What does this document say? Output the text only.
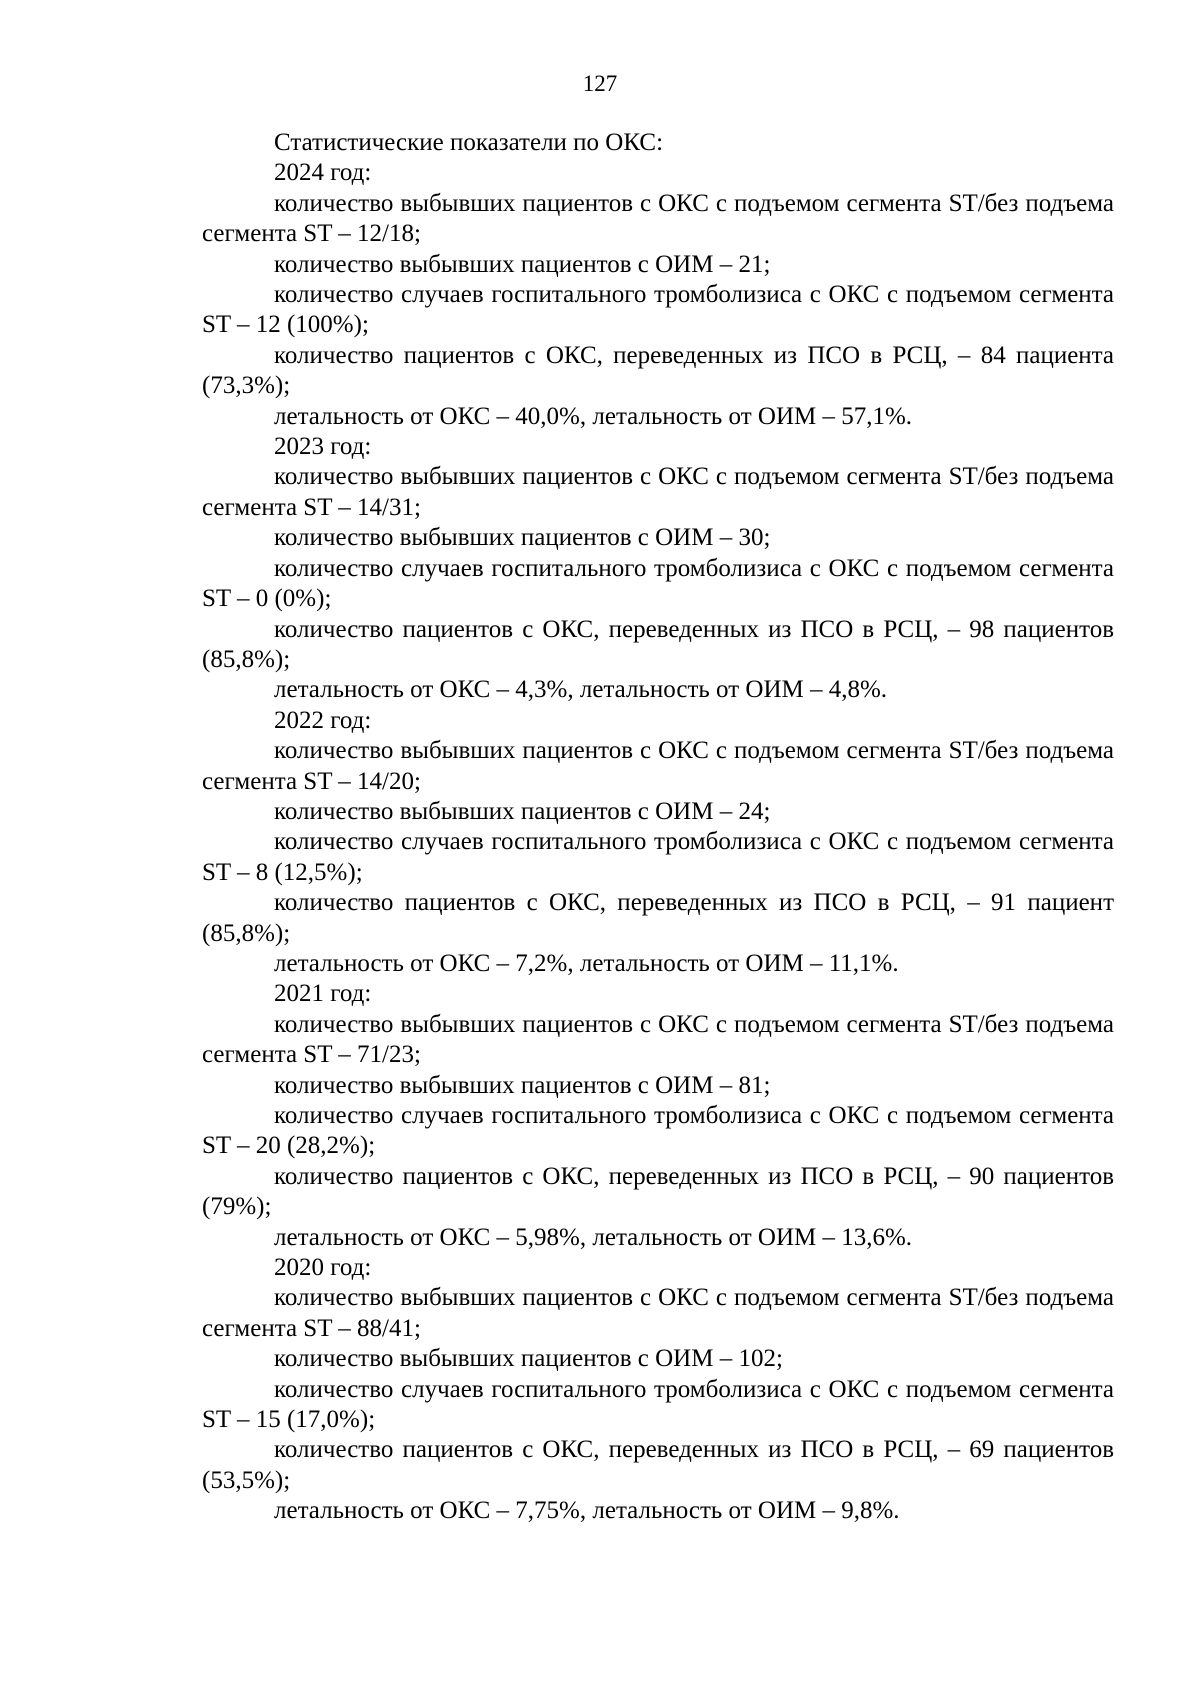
127

Статистические показатели по ОКС:

2024 год:

количество выбывших пациентов с ОКС с подъемом сегмента ST/без подъема сегмента ST – 12/18;

количество выбывших пациентов с ОИМ – 21;

количество случаев госпитального тромболизиса с ОКС с подъемом сегмента ST – 12 (100%);

количество пациентов с ОКС, переведенных из ПСО в РСЦ, – 84 пациента (73,3%);

летальность от ОКС – 40,0%, летальность от ОИМ – 57,1%.

2023 год:

количество выбывших пациентов с ОКС с подъемом сегмента ST/без подъема сегмента ST – 14/31;

количество выбывших пациентов с ОИМ – 30;

количество случаев госпитального тромболизиса с ОКС с подъемом сегмента ST – 0 (0%);

количество пациентов с ОКС, переведенных из ПСО в РСЦ, – 98 пациентов (85,8%);

летальность от ОКС – 4,3%, летальность от ОИМ – 4,8%.

2022 год:

количество выбывших пациентов с ОКС с подъемом сегмента ST/без подъема сегмента ST – 14/20;

количество выбывших пациентов с ОИМ – 24;

количество случаев госпитального тромболизиса с ОКС с подъемом сегмента ST – 8 (12,5%);

количество пациентов с ОКС, переведенных из ПСО в РСЦ, – 91 пациент (85,8%);

летальность от ОКС – 7,2%, летальность от ОИМ – 11,1%.

2021 год:

количество выбывших пациентов с ОКС с подъемом сегмента ST/без подъема сегмента ST – 71/23;

количество выбывших пациентов с ОИМ – 81;

количество случаев госпитального тромболизиса с ОКС с подъемом сегмента ST – 20 (28,2%);

количество пациентов с ОКС, переведенных из ПСО в РСЦ, – 90 пациентов (79%);

летальность от ОКС – 5,98%, летальность от ОИМ – 13,6%.

2020 год:

количество выбывших пациентов с ОКС с подъемом сегмента ST/без подъема сегмента ST – 88/41;

количество выбывших пациентов с ОИМ – 102;

количество случаев госпитального тромболизиса с ОКС с подъемом сегмента ST – 15 (17,0%);

количество пациентов с ОКС, переведенных из ПСО в РСЦ, – 69 пациентов (53,5%);

летальность от ОКС – 7,75%, летальность от ОИМ – 9,8%.
